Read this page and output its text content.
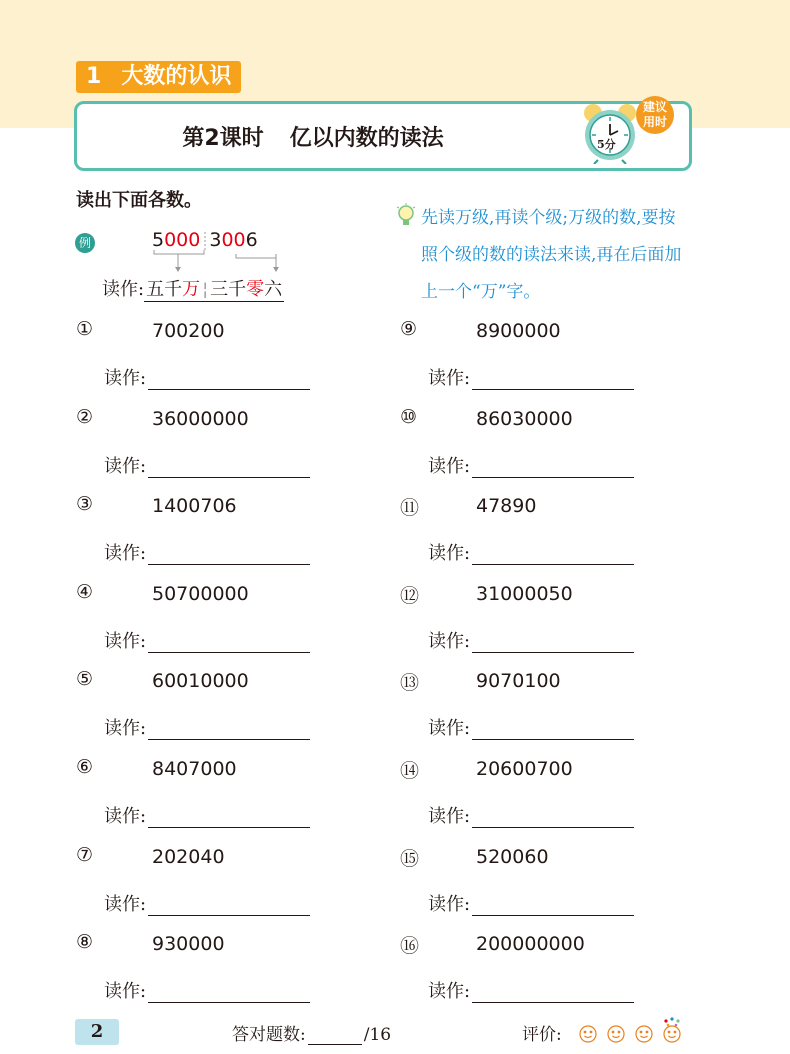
1 大数的认识
第2课时 亿以内数的读法	5分
建议
用时
读出下面各数。
例	5000 3006
读作: 五千万 ¦ 三千零六
先读万级,再读个级;万级的数,要按照个级的数的读法来读,再在后面加上一个“万”字。
①	700200
读作:
②	36000000
读作:
③	1400706
读作:
④	50700000
读作:
⑤	60010000
读作:
⑥	8407000
读作:
⑦	202040
读作:
⑧	930000
读作:
⑨	8900000
读作:
⑩	86030000
读作:
⑪	47890
读作:
⑫	31000050
读作:
⑬	9070100
读作:
⑭	20600700
读作:
⑮	520060
读作:
⑯	200000000
读作:
2	答对题数:	/16	评价:
